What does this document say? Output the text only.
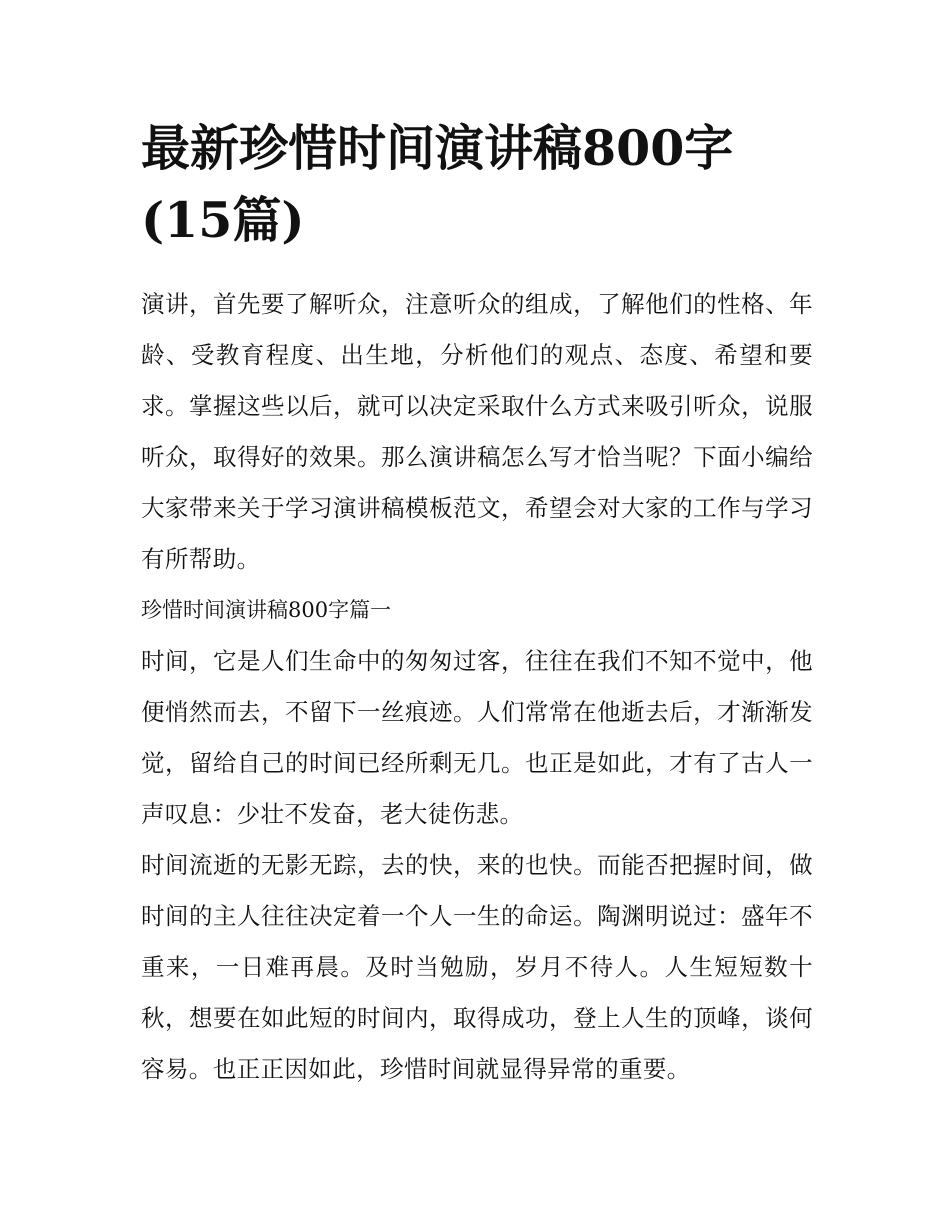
最新珍惜时间演讲稿800字(15篇)

演讲，首先要了解听众，注意听众的组成，了解他们的性格、年龄、受教育程度、出生地，分析他们的观点、态度、希望和要求。掌握这些以后，就可以决定采取什么方式来吸引听众，说服听众，取得好的效果。那么演讲稿怎么写才恰当呢？下面小编给大家带来关于学习演讲稿模板范文，希望会对大家的工作与学习有所帮助。

珍惜时间演讲稿800字篇一

时间，它是人们生命中的匆匆过客，往往在我们不知不觉中，他便悄然而去，不留下一丝痕迹。人们常常在他逝去后，才渐渐发觉，留给自己的时间已经所剩无几。也正是如此，才有了古人一声叹息：少壮不发奋，老大徒伤悲。

时间流逝的无影无踪，去的快，来的也快。而能否把握时间，做时间的主人往往决定着一个人一生的命运。陶渊明说过：盛年不重来，一日难再晨。及时当勉励，岁月不待人。人生短短数十秋，想要在如此短的时间内，取得成功，登上人生的顶峰，谈何容易。也正正因如此，珍惜时间就显得异常的重要。
